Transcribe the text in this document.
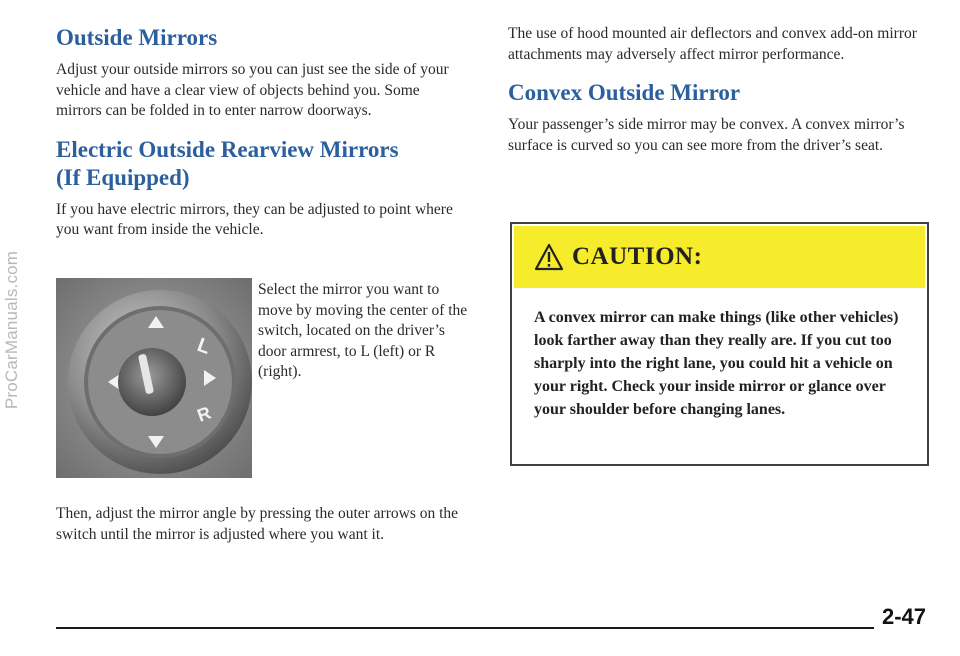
ProCarManuals.com
Outside Mirrors

Adjust your outside mirrors so you can just see the side of your vehicle and have a clear view of objects behind you. Some mirrors can be folded in to enter narrow doorways.

Electric Outside Rearview Mirrors
(If Equipped)

If you have electric mirrors, they can be adjusted to point where you want from inside the vehicle.

L
R

Select the mirror you want to move by moving the center of the switch, located on the driver’s door armrest, to L (left) or R (right).

Then, adjust the mirror angle by pressing the outer arrows on the switch until the mirror is adjusted where you want it.

The use of hood mounted air deflectors and convex add-on mirror attachments may adversely affect mirror performance.

Convex Outside Mirror

Your passenger’s side mirror may be convex. A convex mirror’s surface is curved so you can see more from the driver’s seat.

CAUTION:

A convex mirror can make things (like other vehicles) look farther away than they really are. If you cut too sharply into the right lane, you could hit a vehicle on your right. Check your inside mirror or glance over your shoulder before changing lanes.

2-47
